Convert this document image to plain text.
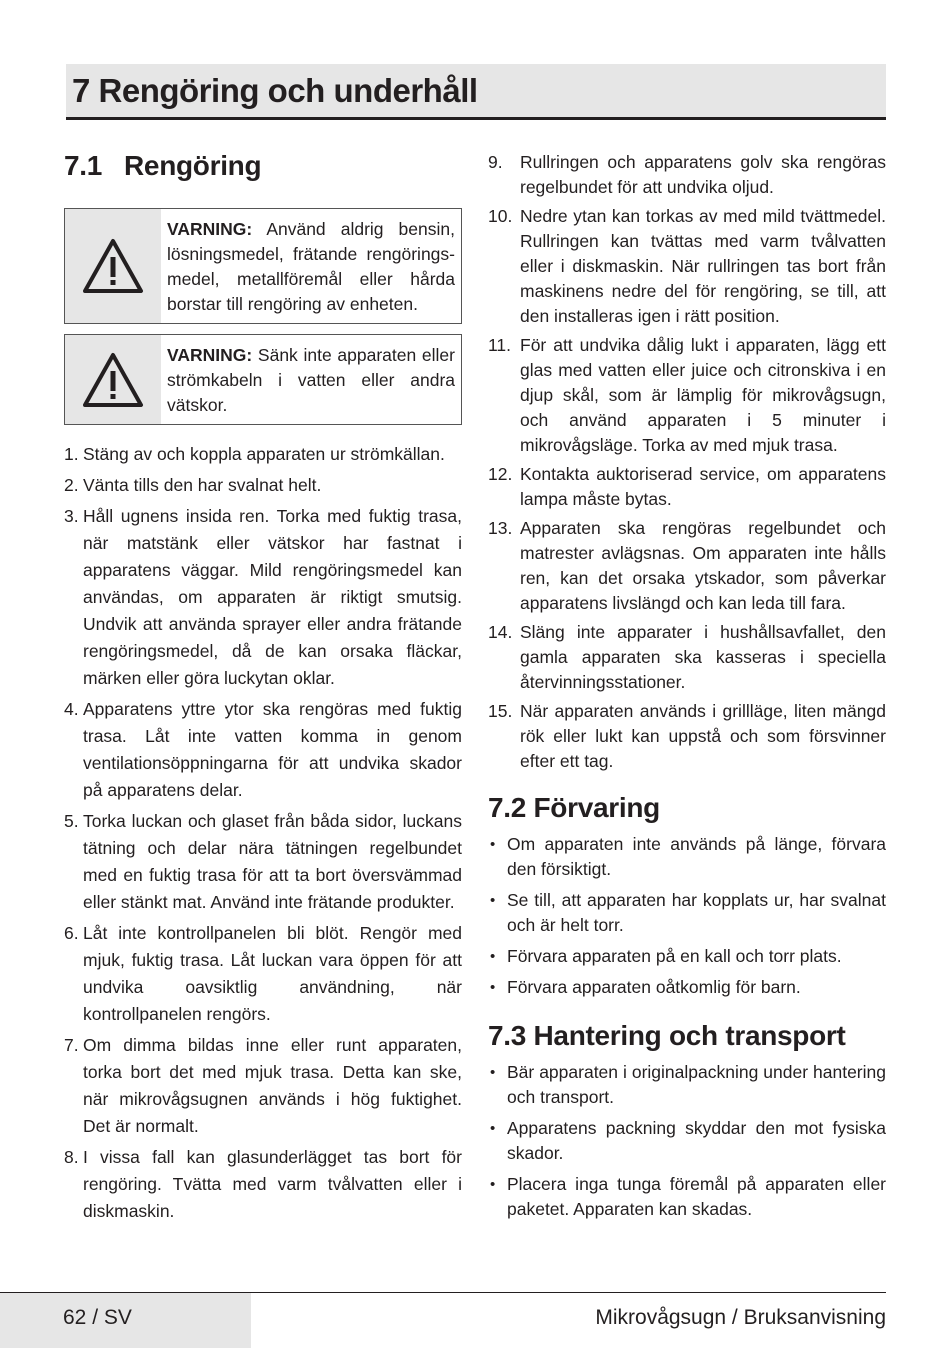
7 Rengöring och underhåll
7.1 Rengöring
VARNING: Använd aldrig bensin, lösningsmedel, frätande rengörings-medel, metallföremål eller hårda borstar till rengöring av enheten.
VARNING: Sänk inte apparaten eller strömkabeln i vatten eller andra vätskor.
1. Stäng av och koppla apparaten ur strömkällan.
2. Vänta tills den har svalnat helt.
3. Håll ugnens insida ren. Torka med fuktig trasa, när matstänk eller vätskor har fastnat i apparatens väggar. Mild rengöringsmedel kan användas, om apparaten är riktigt smutsig. Undvik att använda sprayer eller andra frätande rengöringsmedel, då de kan orsaka fläckar, märken eller göra luckytan oklar.
4. Apparatens yttre ytor ska rengöras med fuktig trasa. Låt inte vatten komma in genom ventilationsöppningarna för att undvika skador på apparatens delar.
5. Torka luckan och glaset från båda sidor, luckans tätning och delar nära tätningen regelbundet med en fuktig trasa för att ta bort översvämmad eller stänkt mat. Använd inte frätande produkter.
6. Låt inte kontrollpanelen bli blöt. Rengör med mjuk, fuktig trasa. Låt luckan vara öppen för att undvika oavsiktlig användning, när kontrollpanelen rengörs.
7. Om dimma bildas inne eller runt apparaten, torka bort det med mjuk trasa. Detta kan ske, när mikrovågsugnen används i hög fuktighet. Det är normalt.
8. I vissa fall kan glasunderlägget tas bort för rengöring. Tvätta med varm tvålvatten eller i diskmaskin.
9. Rullringen och apparatens golv ska rengöras regelbundet för att undvika oljud.
10. Nedre ytan kan torkas av med mild tvättmedel. Rullringen kan tvättas med varm tvålvatten eller i diskmaskin. När rullringen tas bort från maskinens nedre del för rengöring, se till, att den installeras igen i rätt position.
11. För att undvika dålig lukt i apparaten, lägg ett glas med vatten eller juice och citronskiva i en djup skål, som är lämplig för mikrovågsugn, och använd apparaten i 5 minuter i mikrovågsläge. Torka av med mjuk trasa.
12. Kontakta auktoriserad service, om apparatens lampa måste bytas.
13. Apparaten ska rengöras regelbundet och matrester avlägsnas. Om apparaten inte hålls ren, kan det orsaka ytskador, som påverkar apparatens livslängd och kan leda till fara.
14. Släng inte apparater i hushållsavfallet, den gamla apparaten ska kasseras i speciella återvinningsstationer.
15. När apparaten används i grillläge, liten mängd rök eller lukt kan uppstå och som försvinner efter ett tag.
7.2 Förvaring
• Om apparaten inte används på länge, förvara den försiktigt.
• Se till, att apparaten har kopplats ur, har svalnat och är helt torr.
• Förvara apparaten på en kall och torr plats.
• Förvara apparaten oåtkomlig för barn.
7.3 Hantering och transport
• Bär apparaten i originalpackning under hantering och transport.
• Apparatens packning skyddar den mot fysiska skador.
• Placera inga tunga föremål på apparaten eller paketet. Apparaten kan skadas.
62 / SV	Mikrovågsugn / Bruksanvisning
